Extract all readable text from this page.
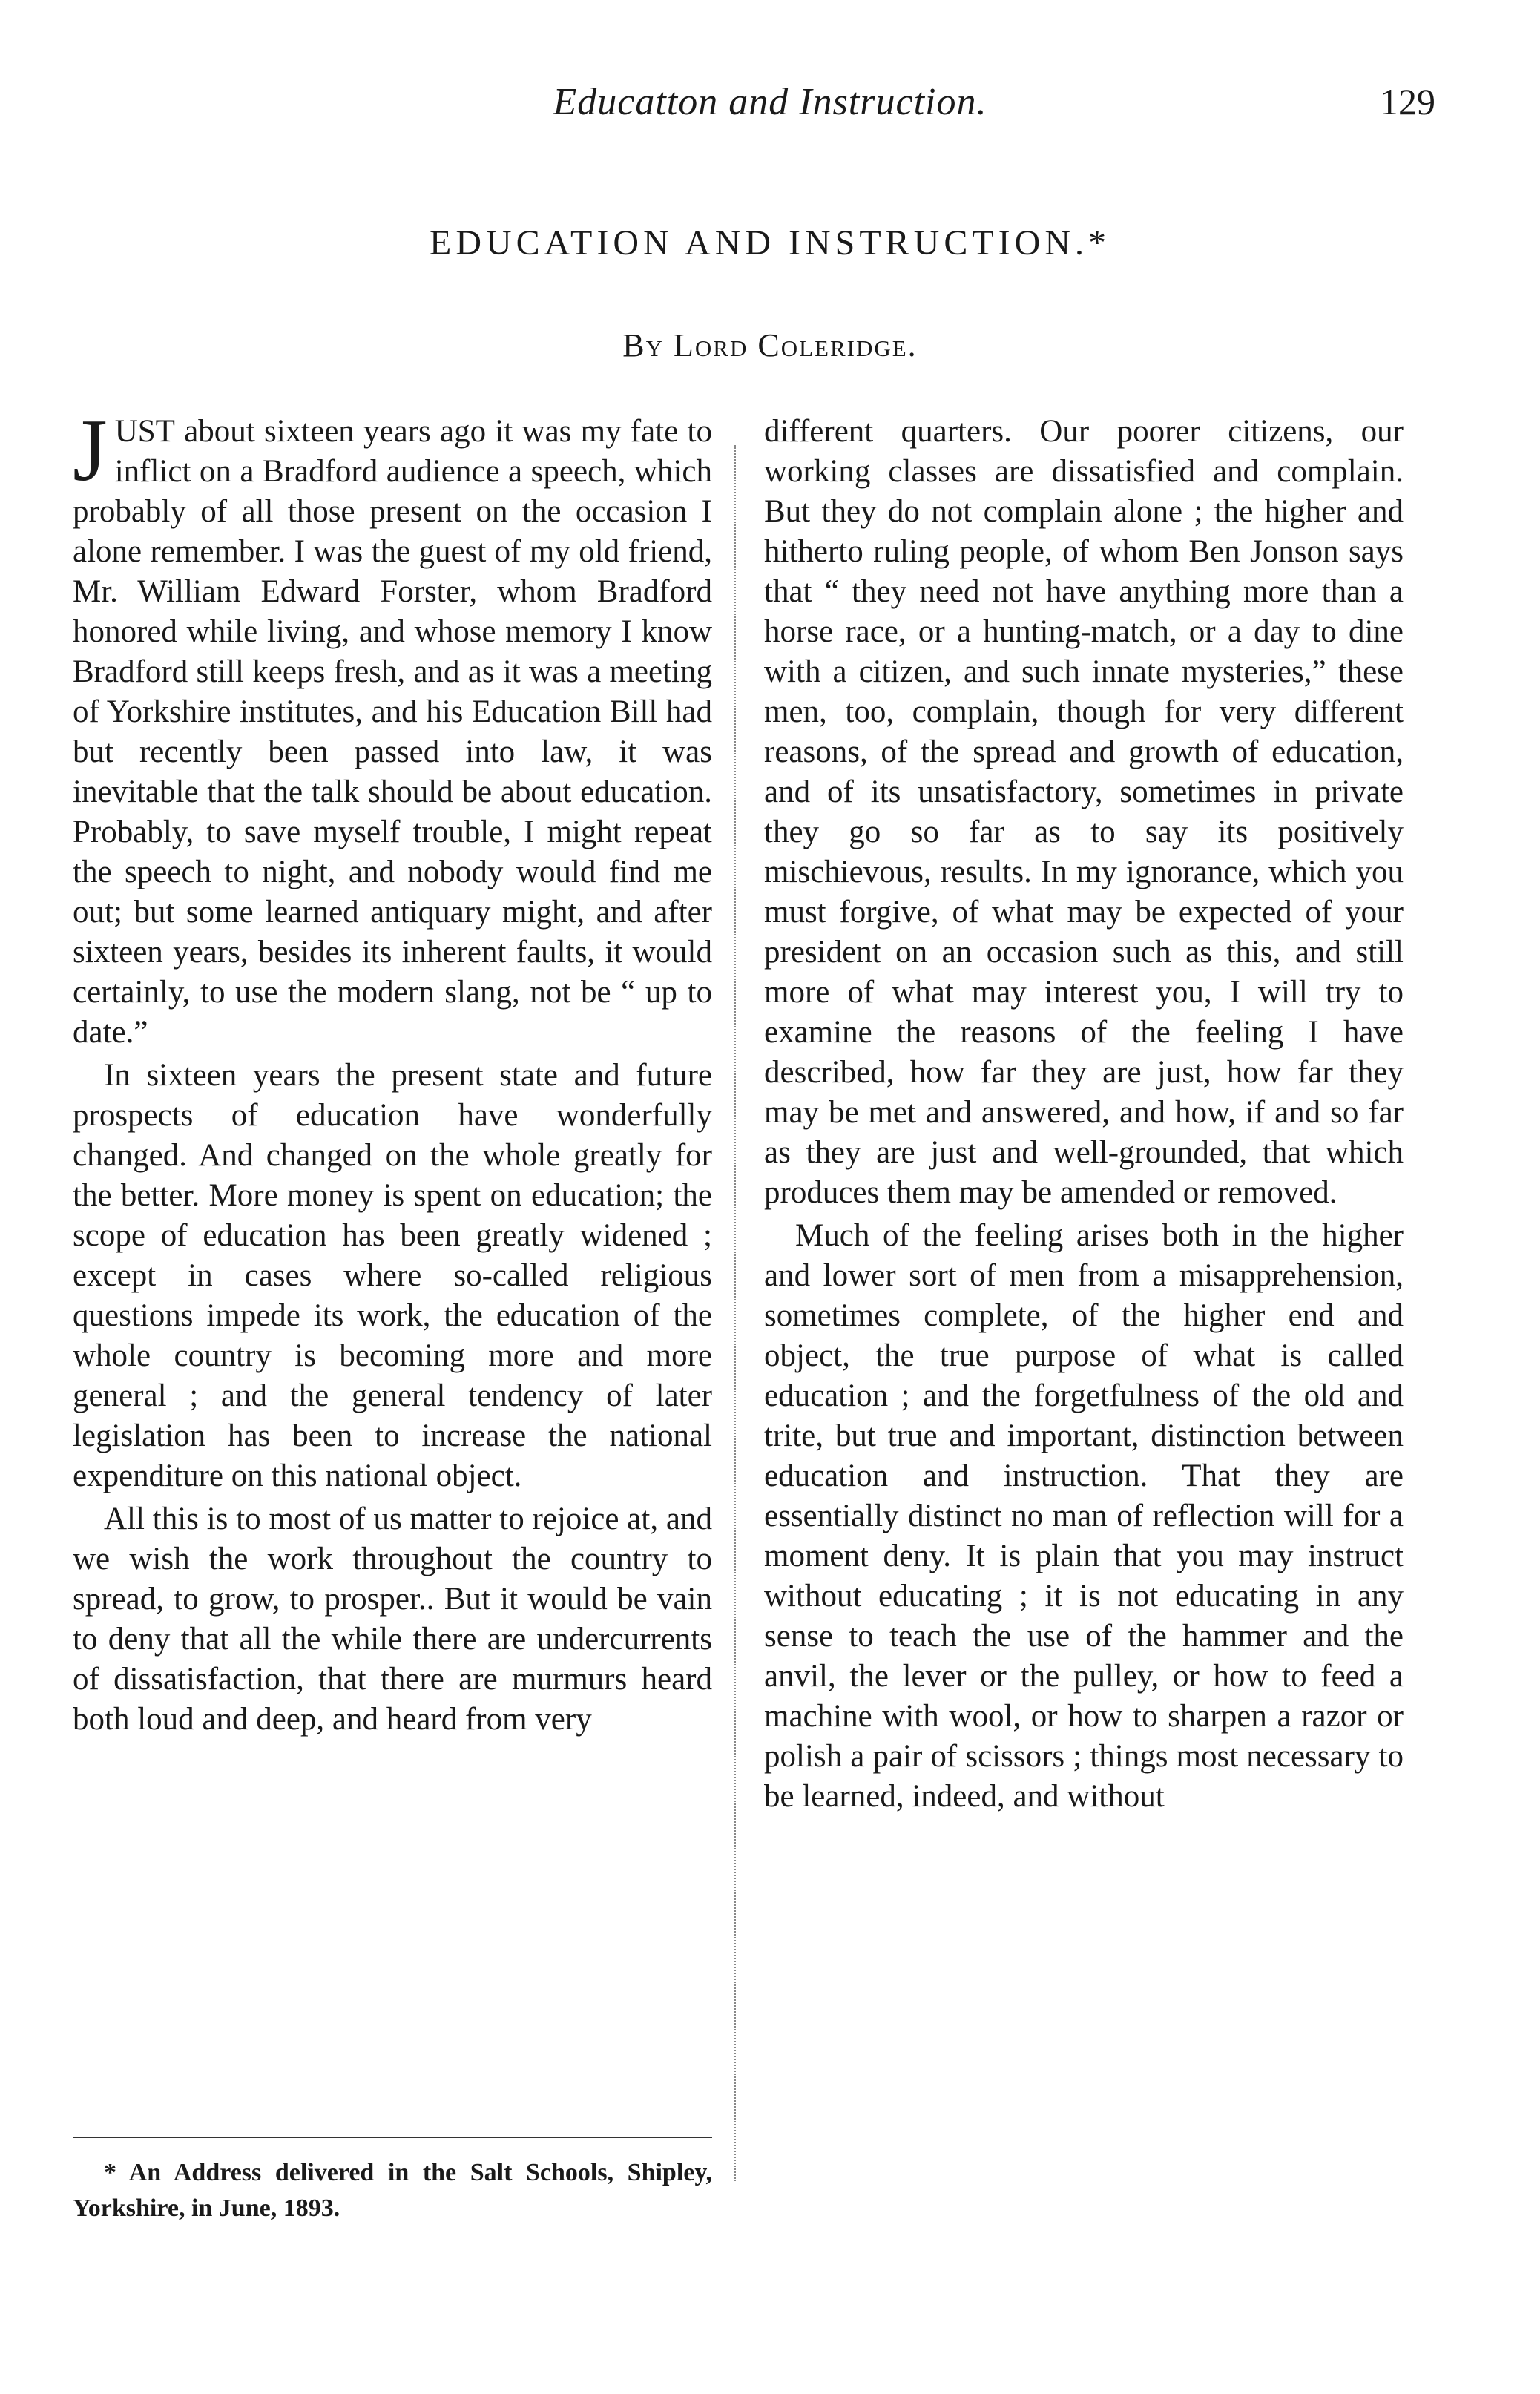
Educatton and Instruction.	129
EDUCATION AND INSTRUCTION.*
By Lord Coleridge.

JUST about sixteen years ago it was my fate to inflict on a Bradford audience a speech, which probably of all those present on the occasion I alone remember. I was the guest of my old friend, Mr. William Edward Forster, whom Bradford honored while living, and whose memory I know Bradford still keeps fresh, and as it was a meeting of Yorkshire institutes, and his Education Bill had but recently been passed into law, it was inevitable that the talk should be about education. Probably, to save myself trouble, I might repeat the speech to night, and nobody would find me out; but some learned antiquary might, and after sixteen years, besides its inherent faults, it would certainly, to use the modern slang, not be “ up to date.”

In sixteen years the present state and future prospects of education have wonderfully changed. And changed on the whole greatly for the better. More money is spent on education; the scope of education has been greatly widened ; except in cases where so-called religious questions impede its work, the education of the whole country is becoming more and more general ; and the general tendency of later legislation has been to increase the national expenditure on this national object.

All this is to most of us matter to rejoice at, and we wish the work throughout the country to spread, to grow, to prosper.. But it would be vain to deny that all the while there are undercurrents of dissatisfaction, that there are murmurs heard both loud and deep, and heard from very

different quarters. Our poorer citizens, our working classes are dissatisfied and complain. But they do not complain alone ; the higher and hitherto ruling people, of whom Ben Jonson says that “ they need not have anything more than a horse race, or a hunting-match, or a day to dine with a citizen, and such innate mysteries,” these men, too, complain, though for very different reasons, of the spread and growth of education, and of its unsatisfactory, sometimes in private they go so far as to say its positively mischievous, results. In my ignorance, which you must forgive, of what may be expected of your president on an occasion such as this, and still more of what may interest you, I will try to examine the reasons of the feeling I have described, how far they are just, how far they may be met and answered, and how, if and so far as they are just and well-grounded, that which produces them may be amended or removed.

Much of the feeling arises both in the higher and lower sort of men from a misapprehension, sometimes complete, of the higher end and object, the true purpose of what is called education ; and the forgetfulness of the old and trite, but true and important, distinction between education and instruction. That they are essentially distinct no man of reflection will for a moment deny. It is plain that you may instruct without educating ; it is not educating in any sense to teach the use of the hammer and the anvil, the lever or the pulley, or how to feed a machine with wool, or how to sharpen a razor or polish a pair of scissors ; things most necessary to be learned, indeed, and without

* An Address delivered in the Salt Schools, Shipley, Yorkshire, in June, 1893.
